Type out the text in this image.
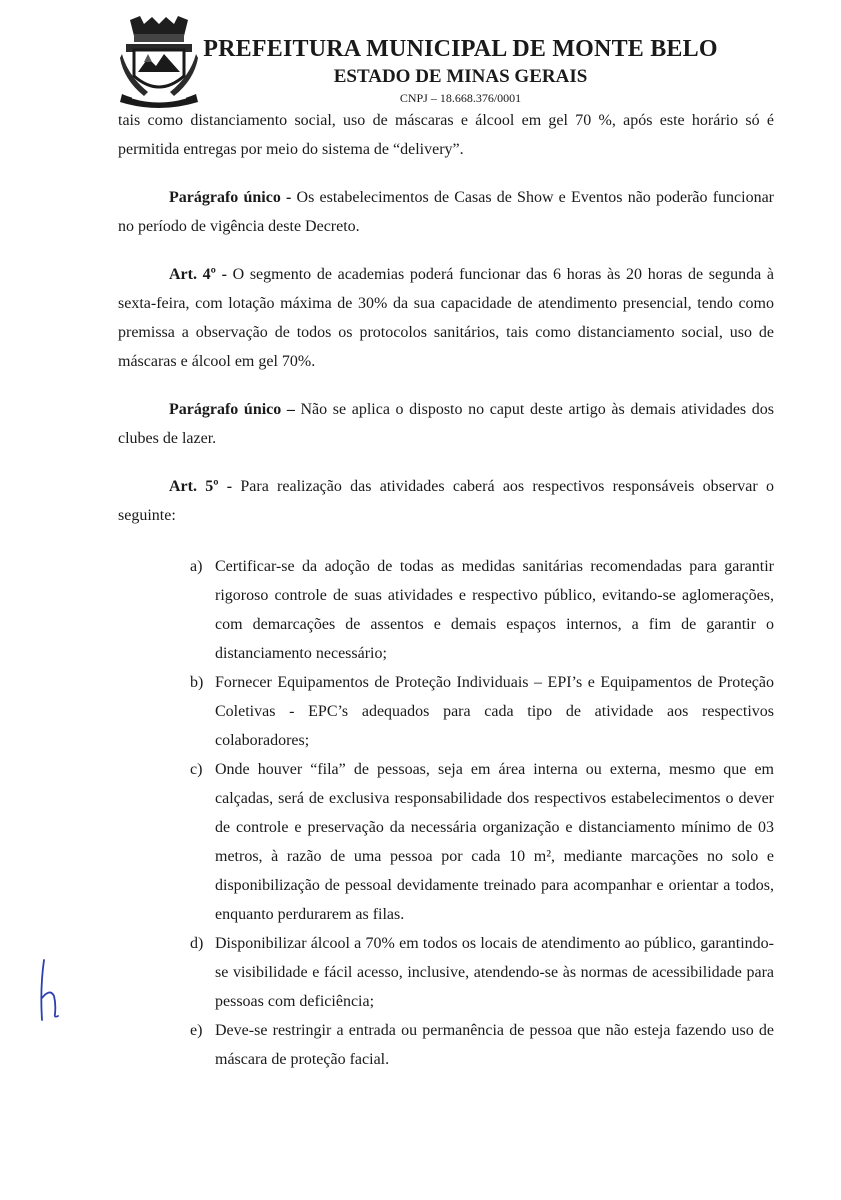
PREFEITURA MUNICIPAL DE MONTE BELO
ESTADO DE MINAS GERAIS
CNPJ – 18.668.376/0001

tais como distanciamento social, uso de máscaras e álcool em gel 70 %, após este horário só é permitida entregas por meio do sistema de “delivery”.

Parágrafo único - Os estabelecimentos de Casas de Show e Eventos não poderão funcionar no período de vigência deste Decreto.

Art. 4º - O segmento de academias poderá funcionar das 6 horas às 20 horas de segunda à sexta-feira, com lotação máxima de 30% da sua capacidade de atendimento presencial, tendo como premissa a observação de todos os protocolos sanitários, tais como distanciamento social, uso de máscaras e álcool em gel 70%.

Parágrafo único – Não se aplica o disposto no caput deste artigo às demais atividades dos clubes de lazer.

Art. 5º - Para realização das atividades caberá aos respectivos responsáveis observar o seguinte:

a) Certificar-se da adoção de todas as medidas sanitárias recomendadas para garantir rigoroso controle de suas atividades e respectivo público, evitando-se aglomerações, com demarcações de assentos e demais espaços internos, a fim de garantir o distanciamento necessário;

b) Fornecer Equipamentos de Proteção Individuais – EPI’s e Equipamentos de Proteção Coletivas - EPC’s adequados para cada tipo de atividade aos respectivos colaboradores;

c) Onde houver “fila” de pessoas, seja em área interna ou externa, mesmo que em calçadas, será de exclusiva responsabilidade dos respectivos estabelecimentos o dever de controle e preservação da necessária organização e distanciamento mínimo de 03 metros, à razão de uma pessoa por cada 10 m², mediante marcações no solo e disponibilização de pessoal devidamente treinado para acompanhar e orientar a todos, enquanto perdurarem as filas.

d) Disponibilizar álcool a 70% em todos os locais de atendimento ao público, garantindo-se visibilidade e fácil acesso, inclusive, atendendo-se às normas de acessibilidade para pessoas com deficiência;

e) Deve-se restringir a entrada ou permanência de pessoa que não esteja fazendo uso de máscara de proteção facial.
